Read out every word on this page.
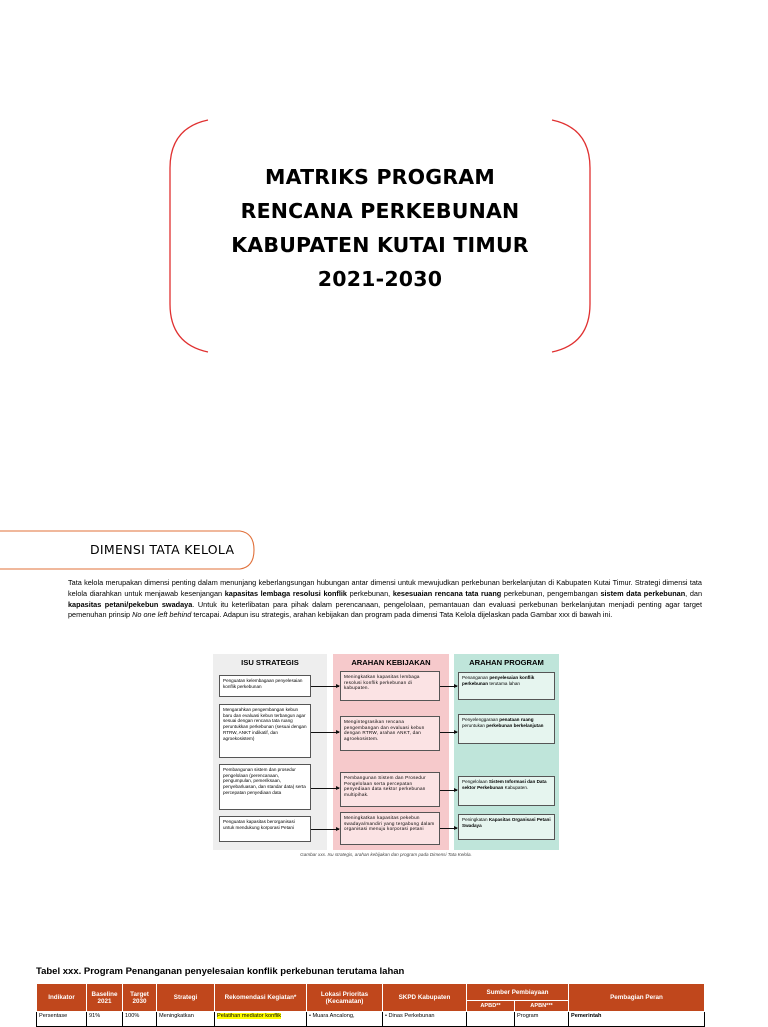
MATRIKS PROGRAM
RENCANA PERKEBUNAN
KABUPATEN KUTAI TIMUR
2021-2030
DIMENSI TATA KELOLA
Tata kelola merupakan dimensi penting dalam menunjang keberlangsungan hubungan antar dimensi untuk mewujudkan perkebunan berkelanjutan di Kabupaten Kutai Timur. Strategi dimensi tata kelola diarahkan untuk menjawab kesenjangan kapasitas lembaga resolusi konflik perkebunan, kesesuaian rencana tata ruang perkebunan, pengembangan sistem data perkebunan, dan kapasitas petani/pekebun swadaya. Untuk itu keterlibatan para pihak dalam perencanaan, pengelolaan, pemantauan dan evaluasi perkebunan berkelanjutan menjadi penting agar target pemenuhan prinsip No one left behind tercapai. Adapun isu strategis, arahan kebijakan dan program pada dimensi Tata Kelola dijelaskan pada Gambar xxx di bawah ini.
ISU STRATEGIS	ARAHAN KEBIJAKAN	ARAHAN PROGRAM
Penguatan kelembagaan penyelesaian konflik perkebunan
Mengarahkan pengembangan kebun baru dan evaluasi kebun terbangun agar sesuai dengan rencana tata ruang peruntukkan perkebunan (sesuai dengan RTRW, ANKT indikatif, dan agroekosistem)
Pembangunan sistem dan prosedur pengelolaan (perencanaan, pengumpulan, pemeriksaan, penyebarluasan, dan standar data) serta percepatan penyediaan data
Penguatan kapasitas berorganisasi untuk mendukung korporasi Petani
Meningkatkan kapasitas lembaga resolusi konflik perkebunan di kabupaten.
Mengintegrasikan rencana pengembangan dan evaluasi kebun dengan RTRW, arahan ANKT, dan agroekosistem.
Pembangunan Sistem dan Prosedur Pengelolaan serta percepatan penyediaan data sektor perkebunan multipihak.
Meningkatkan kapasitas pekebun swadaya/mandiri yang tergabung dalam organisasi menuju korporasi petani
Penanganan penyelesaian konflik perkebunan terutama lahan
Penyelenggaraan penataan ruang peruntukan perkebunan berkelanjutan
Pengelolaan Sistem Informasi dan Data sektor Perkebunan Kabupaten.
Peningkatan Kapasitas Organisasi Petani Swadaya
Gambar xxx. Isu strategis, arahan kebijakan dan program pada Dimensi Tata Kelola.
Tabel xxx. Program Penanganan penyelesaian konflik perkebunan terutama lahan
Indikator	Baseline 2021	Target 2030	Strategi	Rekomendasi Kegiatan*	Lokasi Prioritas (Kecamatan)	SKPD Kabupaten	Sumber Pembiayaan		Pembagian Peran
							APBD**	APBN***	
Persentase	91%	100%	Meningkatkan	Pelatihan mediator konflik	• Muara Ancalong,	• Dinas Perkebunan		Program	Pemerintah
